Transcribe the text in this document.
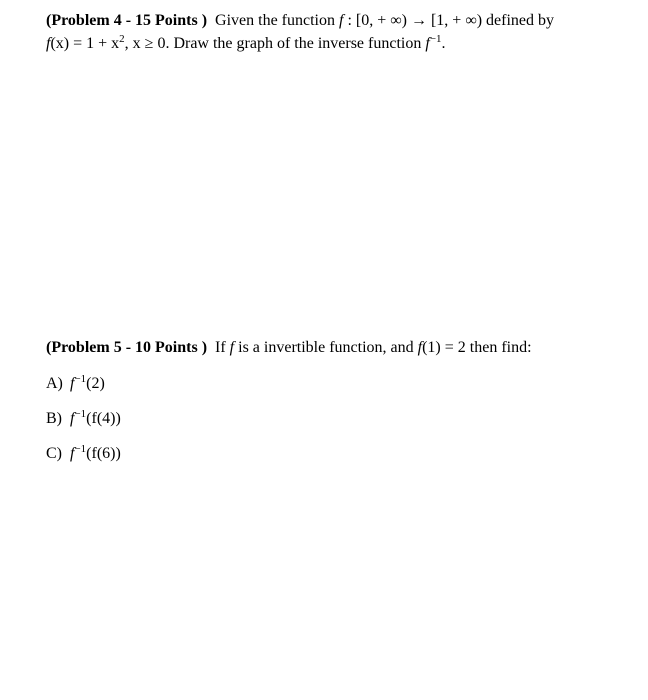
(Problem 4 - 15 Points ) Given the function f : [0, + ∞) → [1, + ∞) defined by
$f(x) = 1 + x^2$, x ≥ 0. Draw the graph of the inverse function $f^{-1}$.
(Problem 5 - 10 Points ) If f is a invertible function, and f(1) = 2 then find:
A) $f^{-1}(2)$
B) $f^{-1}(f(4))$
C) $f^{-1}(f(6))$
